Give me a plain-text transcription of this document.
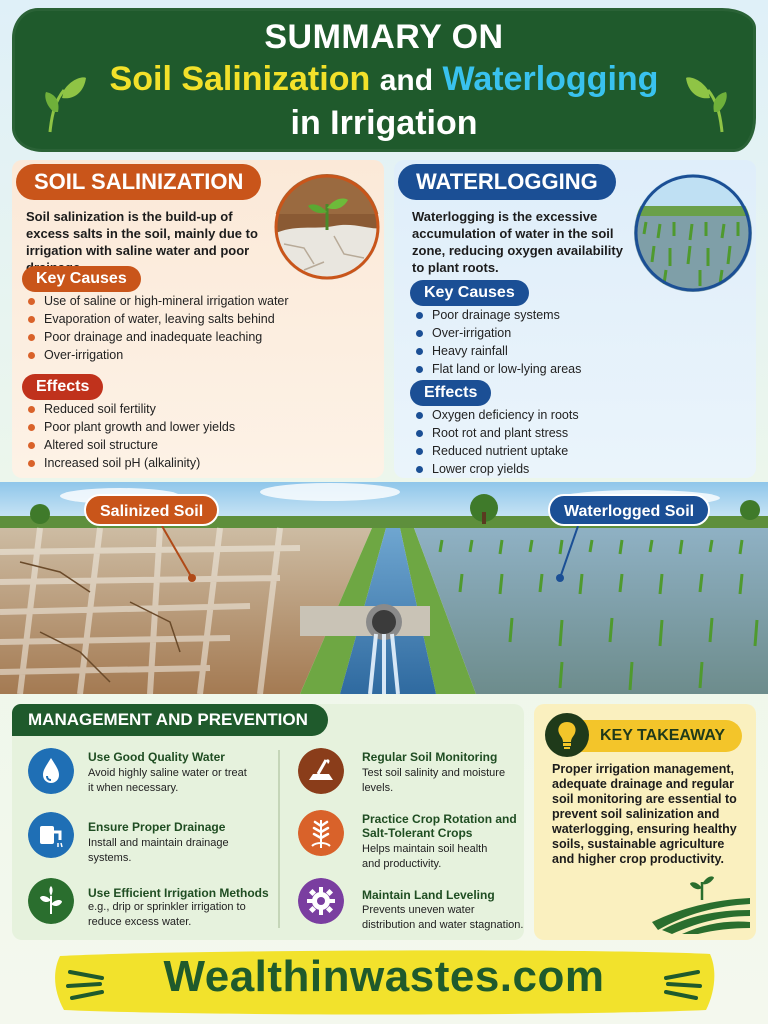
SUMMARY ON
Soil Salinization and Waterlogging
in Irrigation
SOIL SALINIZATION
Soil salinization is the build-up of excess salts in the soil, mainly due to irrigation with saline water and poor
Key Causes
Use of saline or high-mineral irrigation water
Evaporation of water, leaving salts behind
Poor drainage and inadequate leaching
Over-irrigation
Effects
Reduced soil fertility
Poor plant growth and lower yields
Altered soil structure
Increased soil pH (alkalinity)
WATERLOGGING
Waterlogging is the excessive accumulation of water in the soil zone, reducing oxygen availability to plant roots.
Key Causes
Poor drainage systems
Over-irrigation
Heavy rainfall
Flat land or low-lying areas
Effects
Oxygen deficiency in roots
Root rot and plant stress
Reduced nutrient uptake
Lower crop yields
Salinized Soil	Waterlogged Soil
MANAGEMENT AND PREVENTION
Use Good Quality Water
Avoid highly saline water or treat it when necessary.
Ensure Proper Drainage
Install and maintain drainage systems.
Use Efficient Irrigation Methods
e.g., drip or sprinkler irrigation to reduce excess water.
Regular Soil Monitoring
Test soil salinity and moisture levels.
Practice Crop Rotation and Salt-Tolerant Crops
Helps maintain soil health and productivity.
Maintain Land Leveling
Prevents uneven water distribution and water stagnation.
KEY TAKEAWAY
Proper irrigation management, adequate drainage and regular soil monitoring are essential to prevent soil salinization and waterlogging, ensuring healthy soils, sustainable agriculture and higher crop productivity.
Wealthinwastes.com
